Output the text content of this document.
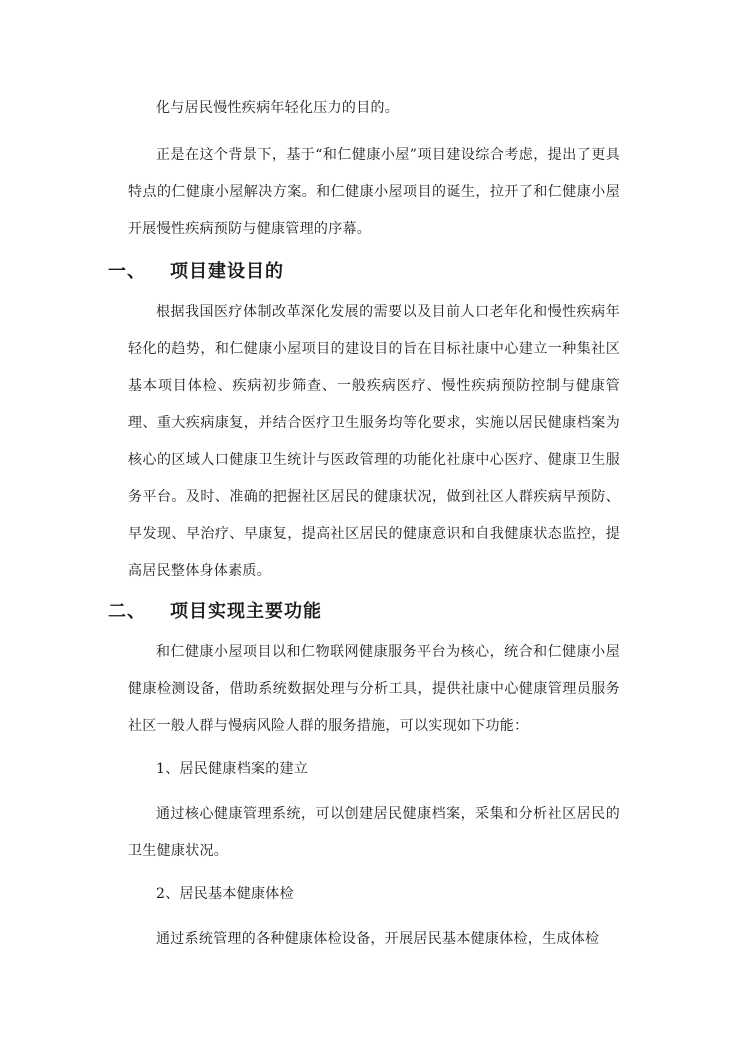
化与居民慢性疾病年轻化压力的目的。

正是在这个背景下，基于“和仁健康小屋”项目建设综合考虑，提出了更具特点的仁健康小屋解决方案。和仁健康小屋项目的诞生，拉开了和仁健康小屋开展慢性疾病预防与健康管理的序幕。

一、 项目建设目的

根据我国医疗体制改革深化发展的需要以及目前人口老年化和慢性疾病年轻化的趋势，和仁健康小屋项目的建设目的旨在目标社康中心建立一种集社区基本项目体检、疾病初步筛查、一般疾病医疗、慢性疾病预防控制与健康管理、重大疾病康复，并结合医疗卫生服务均等化要求，实施以居民健康档案为核心的区域人口健康卫生统计与医政管理的功能化社康中心医疗、健康卫生服务平台。及时、准确的把握社区居民的健康状况，做到社区人群疾病早预防、早发现、早治疗、早康复，提高社区居民的健康意识和自我健康状态监控，提高居民整体身体素质。

二、 项目实现主要功能

和仁健康小屋项目以和仁物联网健康服务平台为核心，统合和仁健康小屋健康检测设备，借助系统数据处理与分析工具，提供社康中心健康管理员服务社区一般人群与慢病风险人群的服务措施，可以实现如下功能：

1、居民健康档案的建立

通过核心健康管理系统，可以创建居民健康档案，采集和分析社区居民的卫生健康状况。

2、居民基本健康体检

通过系统管理的各种健康体检设备，开展居民基本健康体检，生成体检
